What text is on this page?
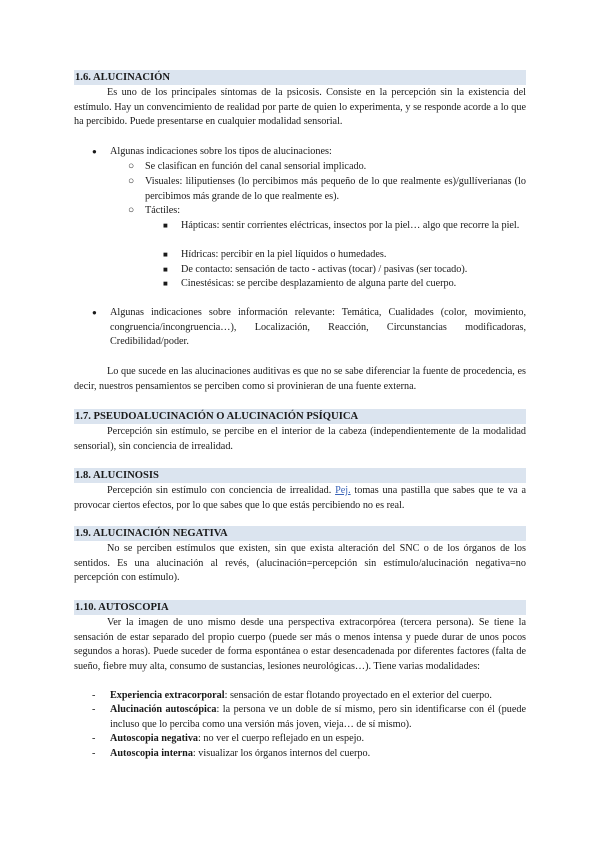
1.6. ALUCINACIÓN

Es uno de los principales síntomas de la psicosis. Consiste en la percepción sin la existencia del estímulo. Hay un convencimiento de realidad por parte de quien lo experimenta, y se responde acorde a lo que ha percibido. Puede presentarse en cualquier modalidad sensorial.

● Algunas indicaciones sobre los tipos de alucinaciones:

○ Se clasifican en función del canal sensorial implicado.

○ Visuales: liliputienses (lo percibimos más pequeño de lo que realmente es)/gullíverianas (lo percibimos más grande de lo que realmente es).

○ Táctiles:

■ Hápticas: sentir corrientes eléctricas, insectos por la piel… algo que recorre la piel.

■ Hídricas: percibir en la piel líquidos o humedades.

■ De contacto: sensación de tacto - activas (tocar) / pasivas (ser tocado).

■ Cinestésicas: se percibe desplazamiento de alguna parte del cuerpo.

● Algunas indicaciones sobre información relevante: Temática, Cualidades (color, movimiento, congruencia/incongruencia…), Localización, Reacción, Circunstancias modificadoras, Credibilidad/poder.

Lo que sucede en las alucinaciones auditivas es que no se sabe diferenciar la fuente de procedencia, es decir, nuestros pensamientos se perciben como si provinieran de una fuente externa.

1.7. PSEUDOALUCINACIÓN O ALUCINACIÓN PSÍQUICA

Percepción sin estímulo, se percibe en el interior de la cabeza (independientemente de la modalidad sensorial), sin conciencia de irrealidad.

1.8. ALUCINOSIS

Percepción sin estímulo con conciencia de irrealidad. Pej. tomas una pastilla que sabes que te va a provocar ciertos efectos, por lo que sabes que lo que estás percibiendo no es real.

1.9. ALUCINACIÓN NEGATIVA

No se perciben estímulos que existen, sin que exista alteración del SNC o de los órganos de los sentidos. Es una alucinación al revés, (alucinación=percepción sin estímulo/alucinación negativa=no percepción con estímulo).

1.10. AUTOSCOPIA

Ver la imagen de uno mismo desde una perspectiva extracorpórea (tercera persona). Se tiene la sensación de estar separado del propio cuerpo (puede ser más o menos intensa y puede durar de unos pocos segundos a horas). Puede suceder de forma espontánea o estar desencadenada por diferentes factores (falta de sueño, fiebre muy alta, consumo de sustancias, lesiones neurológicas…). Tiene varias modalidades:

- Experiencia extracorporal: sensación de estar flotando proyectado en el exterior del cuerpo.

- Alucinación autoscópica: la persona ve un doble de sí mismo, pero sin identificarse con él (puede incluso que lo perciba como una versión más joven, vieja… de sí mismo).

- Autoscopia negativa: no ver el cuerpo reflejado en un espejo.

- Autoscopia interna: visualizar los órganos internos del cuerpo.
